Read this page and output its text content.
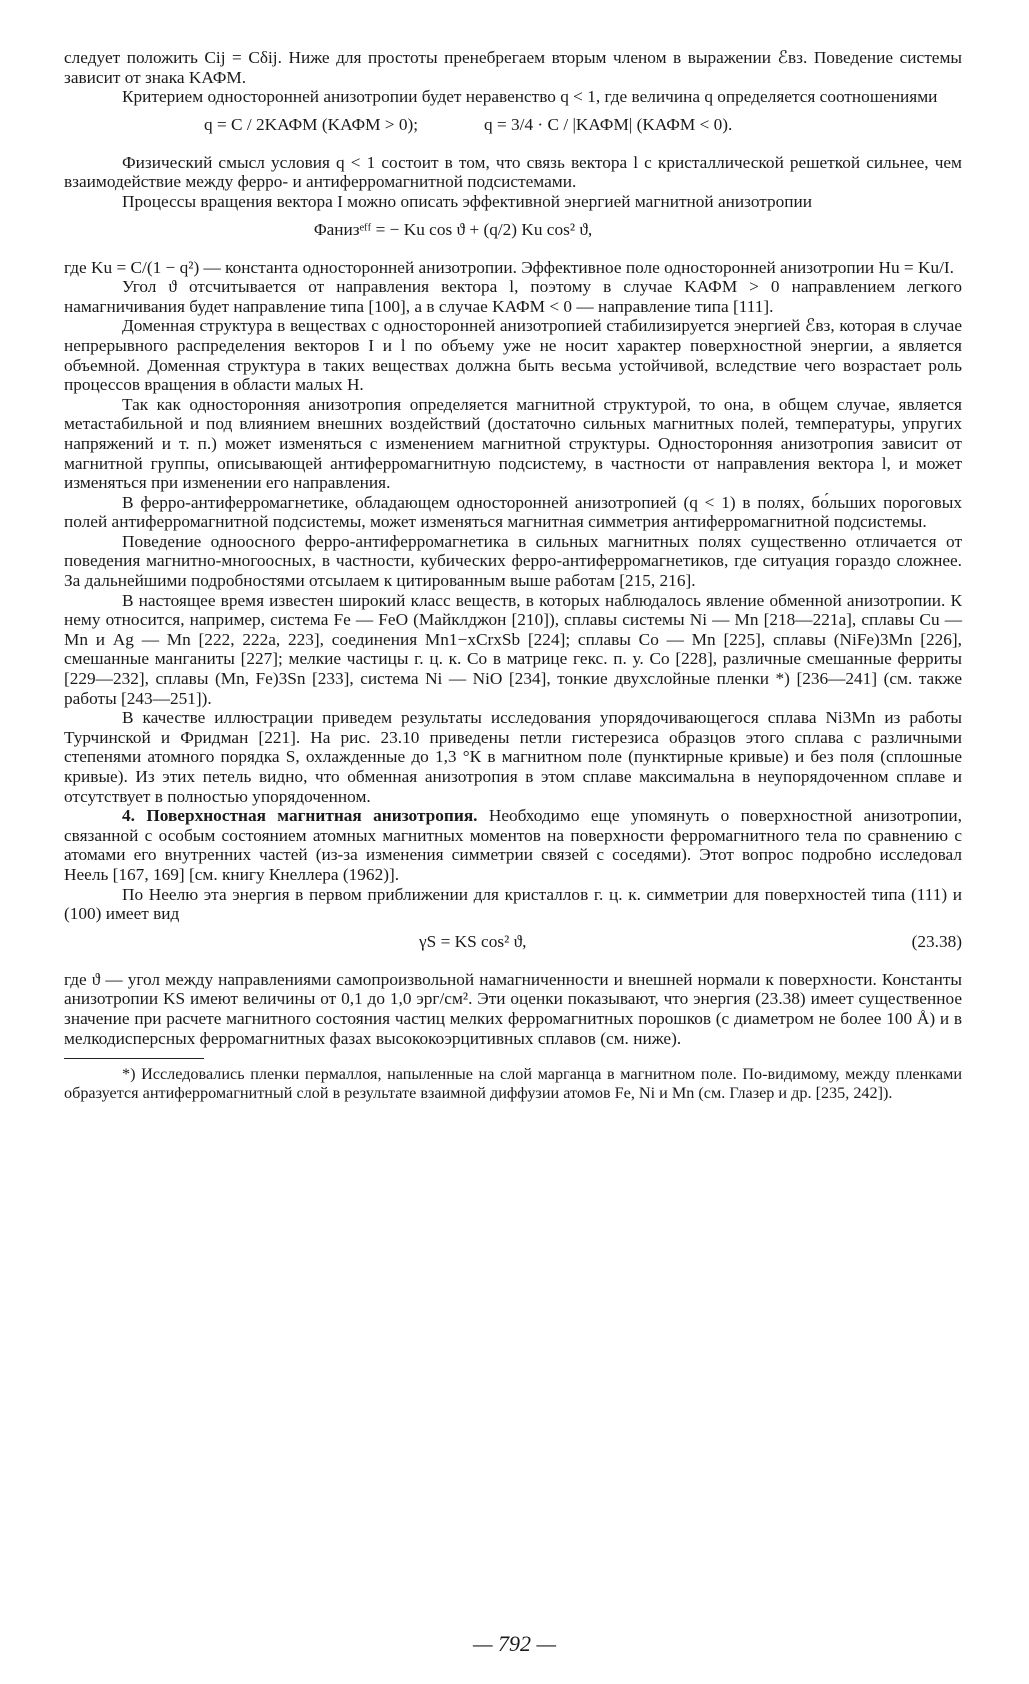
следует положить Cij = Cδij. Ниже для простоты пренебрегаем вторым членом в выражении ℰвз. Поведение системы зависит от знака KАФМ.

Критерием односторонней анизотропии будет неравенство q < 1, где величина q определяется соотношениями

q = C / 2KАФМ (KАФМ > 0);	q = 3/4 · C / |KАФМ| (KАФМ < 0).

Физический смысл условия q < 1 состоит в том, что связь вектора l с кристаллической решеткой сильнее, чем взаимодействие между ферро- и антиферромагнитной подсистемами.

Процессы вращения вектора I можно описать эффективной энергией магнитной анизотропии

Φанизᵉᶠᶠ = − Ku cos ϑ + (q/2) Ku cos² ϑ,

где Ku = C/(1 − q²) — константа односторонней анизотропии. Эффективное поле односторонней анизотропии Hu = Ku/I.

Угол ϑ отсчитывается от направления вектора l, поэтому в случае KАФМ > 0 направлением легкого намагничивания будет направление типа [100], а в случае KАФМ < 0 — направление типа [111].

Доменная структура в веществах с односторонней анизотропией стабилизируется энергией ℰвз, которая в случае непрерывного распределения векторов I и l по объему уже не носит характер поверхностной энергии, а является объемной. Доменная структура в таких веществах должна быть весьма устойчивой, вследствие чего возрастает роль процессов вращения в области малых H.

Так как односторонняя анизотропия определяется магнитной структурой, то она, в общем случае, является метастабильной и под влиянием внешних воздействий (достаточно сильных магнитных полей, температуры, упругих напряжений и т. п.) может изменяться с изменением магнитной структуры. Односторонняя анизотропия зависит от магнитной группы, описывающей антиферромагнитную подсистему, в частности от направления вектора l, и может изменяться при изменении его направления.

В ферро-антиферромагнетике, обладающем односторонней анизотропией (q < 1) в полях, бо́льших пороговых полей антиферромагнитной подсистемы, может изменяться магнитная симметрия антиферромагнитной подсистемы.

Поведение одноосного ферро-антиферромагнетика в сильных магнитных полях существенно отличается от поведения магнитно-многоосных, в частности, кубических ферро-антиферромагнетиков, где ситуация гораздо сложнее. За дальнейшими подробностями отсылаем к цитированным выше работам [215, 216].

В настоящее время известен широкий класс веществ, в которых наблюдалось явление обменной анизотропии. К нему относится, например, система Fe — FeO (Майклджон [210]), сплавы системы Ni — Mn [218—221а], сплавы Cu — Mn и Ag — Mn [222, 222а, 223], соединения Mn1−xCrxSb [224]; сплавы Co — Mn [225], сплавы (NiFe)3Mn [226], смешанные манганиты [227]; мелкие частицы г. ц. к. Co в матрице гекс. п. у. Co [228], различные смешанные ферриты [229—232], сплавы (Mn, Fe)3Sn [233], система Ni — NiO [234], тонкие двухслойные пленки *) [236—241] (см. также работы [243—251]).

В качестве иллюстрации приведем результаты исследования упорядочивающегося сплава Ni3Mn из работы Турчинской и Фридман [221]. На рис. 23.10 приведены петли гистерезиса образцов этого сплава с различными степенями атомного порядка S, охлажденные до 1,3 °К в магнитном поле (пунктирные кривые) и без поля (сплошные кривые). Из этих петель видно, что обменная анизотропия в этом сплаве максимальна в неупорядоченном сплаве и отсутствует в полностью упорядоченном.

4. Поверхностная магнитная анизотропия. Необходимо еще упомянуть о поверхностной анизотропии, связанной с особым состоянием атомных магнитных моментов на поверхности ферромагнитного тела по сравнению с атомами его внутренних частей (из-за изменения симметрии связей с соседями). Этот вопрос подробно исследовал Неель [167, 169] [см. книгу Кнеллера (1962)].

По Неелю эта энергия в первом приближении для кристаллов г. ц. к. симметрии для поверхностей типа (111) и (100) имеет вид

γS = KS cos² ϑ,	(23.38)

где ϑ — угол между направлениями самопроизвольной намагниченности и внешней нормали к поверхности. Константы анизотропии KS имеют величины от 0,1 до 1,0 эрг/см². Эти оценки показывают, что энергия (23.38) имеет существенное значение при расчете магнитного состояния частиц мелких ферромагнитных порошков (с диаметром не более 100 Å) и в мелкодисперсных ферромагнитных фазах высококоэрцитивных сплавов (см. ниже).

*) Исследовались пленки пермаллоя, напыленные на слой марганца в магнитном поле. По-видимому, между пленками образуется антиферромагнитный слой в результате взаимной диффузии атомов Fe, Ni и Mn (см. Глазер и др. [235, 242]).

— 792 —
